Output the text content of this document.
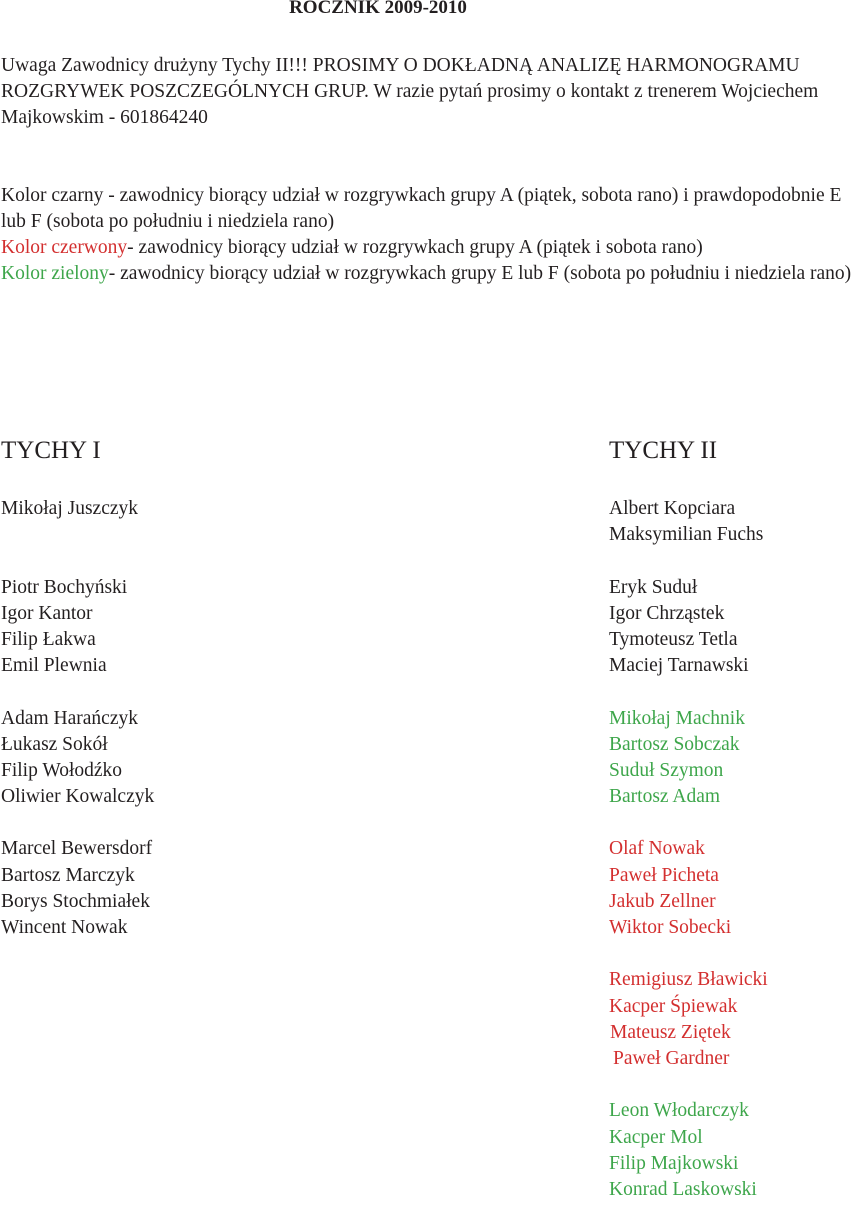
ROCZNIK 2009-2010

Uwaga Zawodnicy drużyny Tychy II!!! PROSIMY O DOKŁADNĄ ANALIZĘ HARMONOGRAMU ROZGRYWEK POSZCZEGÓLNYCH GRUP. W razie pytań prosimy o kontakt z trenerem Wojciechem Majkowskim - 601864240

Kolor czarny - zawodnicy biorący udział w rozgrywkach grupy A (piątek, sobota rano) i prawdopodobnie E lub F (sobota po południu i niedziela rano)
Kolor czerwony- zawodnicy biorący udział w rozgrywkach grupy A (piątek i sobota rano)
Kolor zielony- zawodnicy biorący udział w rozgrywkach grupy E lub F (sobota po południu i niedziela rano)

TYCHY I
Mikołaj Juszczyk
Piotr Bochyński
Igor Kantor
Filip Łakwa
Emil Plewnia
Adam Harańczyk
Łukasz Sokół
Filip Wołodźko
Oliwier Kowalczyk
Marcel Bewersdorf
Bartosz Marczyk
Borys Stochmiałek
Wincent Nowak
TYCHY II
Albert Kopciara
Maksymilian Fuchs
Eryk Suduł
Igor Chrząstek
Tymoteusz Tetla
Maciej Tarnawski
Mikołaj Machnik
Bartosz Sobczak
Suduł Szymon
Bartosz Adam
Olaf Nowak
Paweł Picheta
Jakub Zellner
Wiktor Sobecki
Remigiusz Bławicki
Kacper Śpiewak
Mateusz Ziętek
Paweł Gardner
Leon Włodarczyk
Kacper Mol
Filip Majkowski
Konrad Laskowski
